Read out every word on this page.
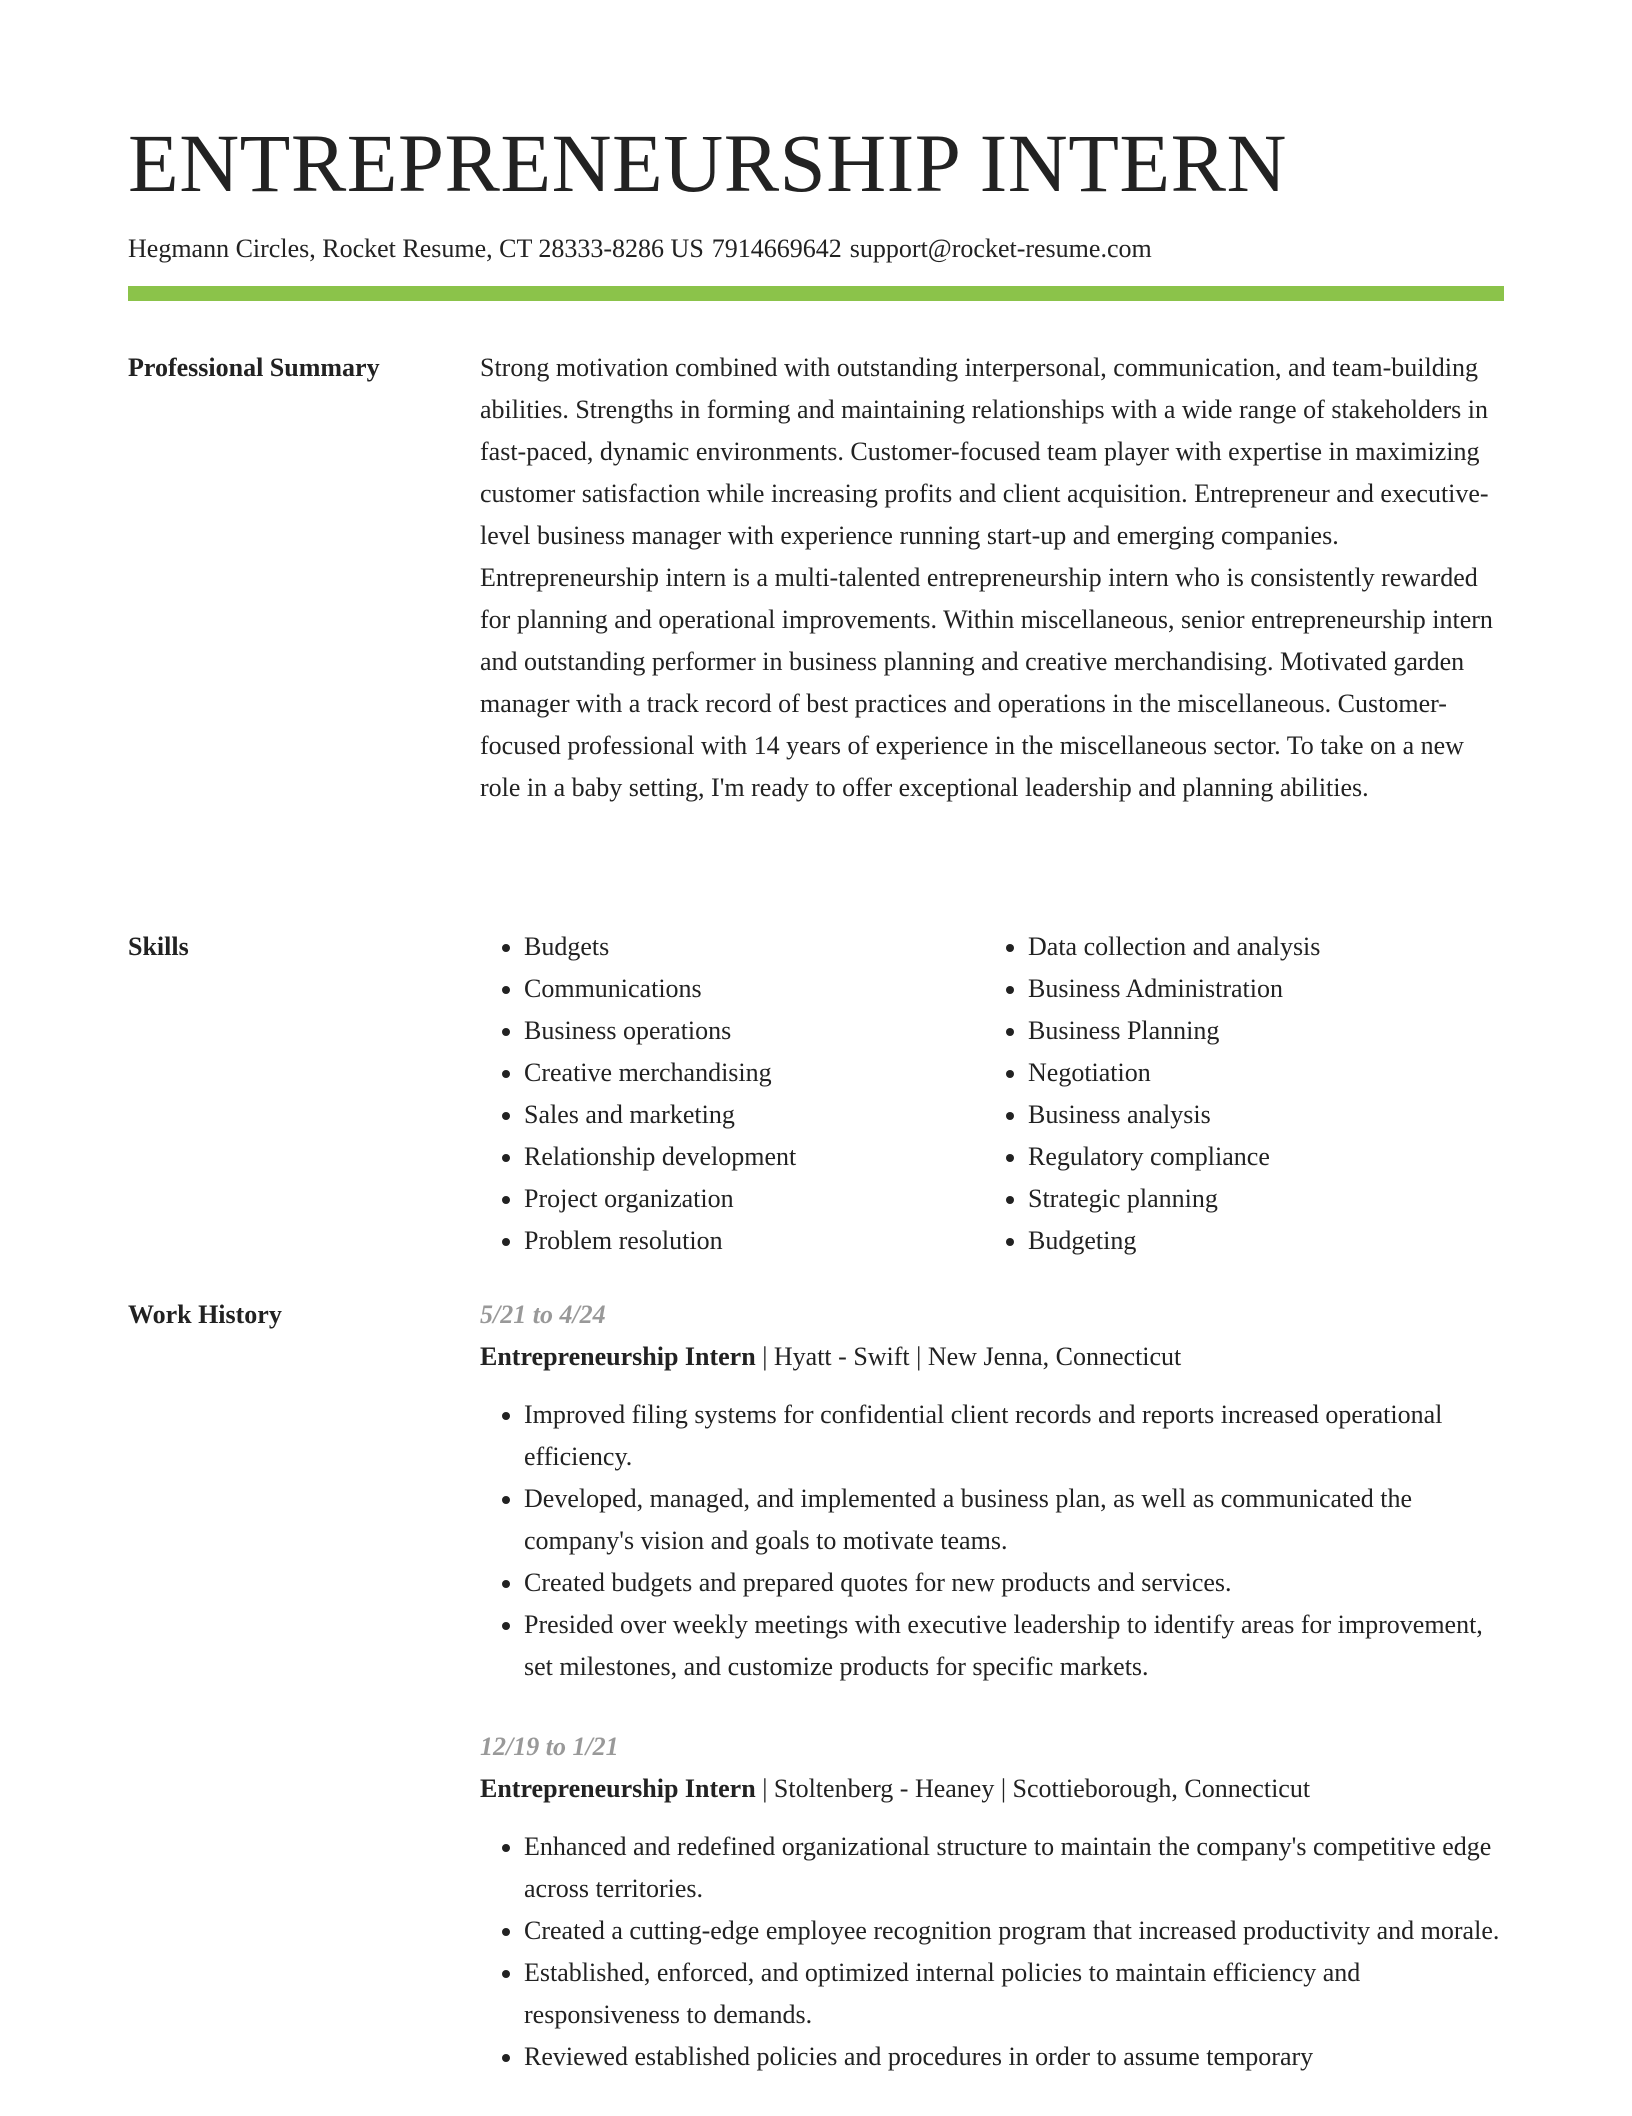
ENTREPRENEURSHIP INTERN
Hegmann Circles, Rocket Resume, CT 28333-8286 US 7914669642 support@rocket-resume.com
Professional Summary	Strong motivation combined with outstanding interpersonal, communication, and team-building abilities. Strengths in forming and maintaining relationships with a wide range of stakeholders in fast-paced, dynamic environments. Customer-focused team player with expertise in maximizing customer satisfaction while increasing profits and client acquisition. Entrepreneur and executive-level business manager with experience running start-up and emerging companies. Entrepreneurship intern is a multi-talented entrepreneurship intern who is consistently rewarded for planning and operational improvements. Within miscellaneous, senior entrepreneurship intern and outstanding performer in business planning and creative merchandising. Motivated garden manager with a track record of best practices and operations in the miscellaneous. Customer-focused professional with 14 years of experience in the miscellaneous sector. To take on a new role in a baby setting, I'm ready to offer exceptional leadership and planning abilities.

Skills
•	Budgets
• Communications
• Business operations
• Creative merchandising
• Sales and marketing
• Relationship development
• Project organization
• Problem resolution
• Data collection and analysis
• Business Administration
• Business Planning
• Negotiation
• Business analysis
• Regulatory compliance
• Strategic planning
• Budgeting
Work History	5/21 to 4/24
Entrepreneurship Intern | Hyatt - Swift | New Jenna, Connecticut
• Improved filing systems for confidential client records and reports increased operational efficiency.
• Developed, managed, and implemented a business plan, as well as communicated the company's vision and goals to motivate teams.
• Created budgets and prepared quotes for new products and services.
• Presided over weekly meetings with executive leadership to identify areas for improvement, set milestones, and customize products for specific markets.
12/19 to 1/21
Entrepreneurship Intern | Stoltenberg - Heaney | Scottieborough, Connecticut
• Enhanced and redefined organizational structure to maintain the company's competitive edge across territories.
• Created a cutting-edge employee recognition program that increased productivity and morale.
• Established, enforced, and optimized internal policies to maintain efficiency and responsiveness to demands.
• Reviewed established policies and procedures in order to assume temporary
